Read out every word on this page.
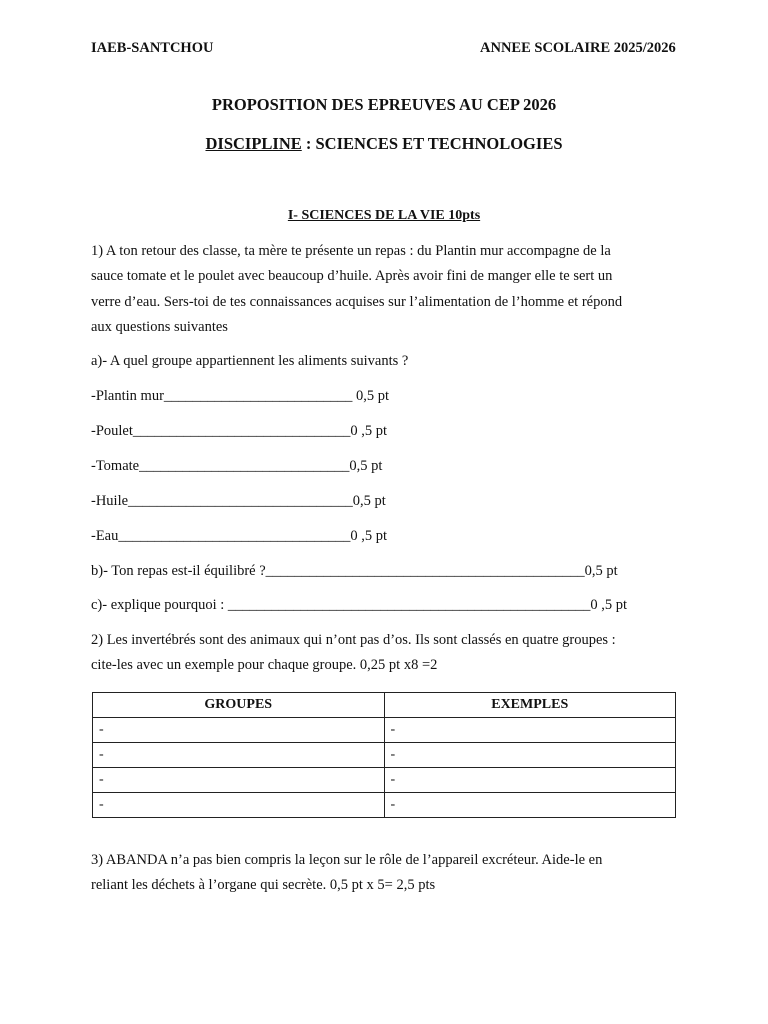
IAEB-SANTCHOU	ANNEE SCOLAIRE 2025/2026
PROPOSITION DES EPREUVES AU CEP 2026
DISCIPLINE : SCIENCES ET TECHNOLOGIES
I- SCIENCES DE LA VIE 10pts
1) A ton retour des classe, ta mère te présente un repas : du Plantin mur accompagne de la
sauce tomate et le poulet avec beaucoup d’huile. Après avoir fini de manger elle te sert un
verre d’eau. Sers-toi de tes connaissances acquises sur l’alimentation de l’homme et répond
aux questions suivantes
a)- A quel groupe appartiennent les aliments suivants ?
-Plantin mur__________________________ 0,5 pt
-Poulet______________________________0 ,5 pt
-Tomate_____________________________0,5 pt
-Huile_______________________________0,5 pt
-Eau________________________________0 ,5 pt
b)- Ton repas est-il équilibré ?____________________________________________0,5 pt
c)- explique pourquoi : __________________________________________________0 ,5 pt
2) Les invertébrés sont des animaux qui n’ont pas d’os. Ils sont classés en quatre groupes :
cite-les avec un exemple pour chaque groupe. 0,25 pt x8 =2
GROUPES	EXEMPLES
-	-
-	-
-	-
-	-
3) ABANDA n’a pas bien compris la leçon sur le rôle de l’appareil excréteur. Aide-le en
reliant les déchets à l’organe qui secrète. 0,5 pt x 5= 2,5 pts
